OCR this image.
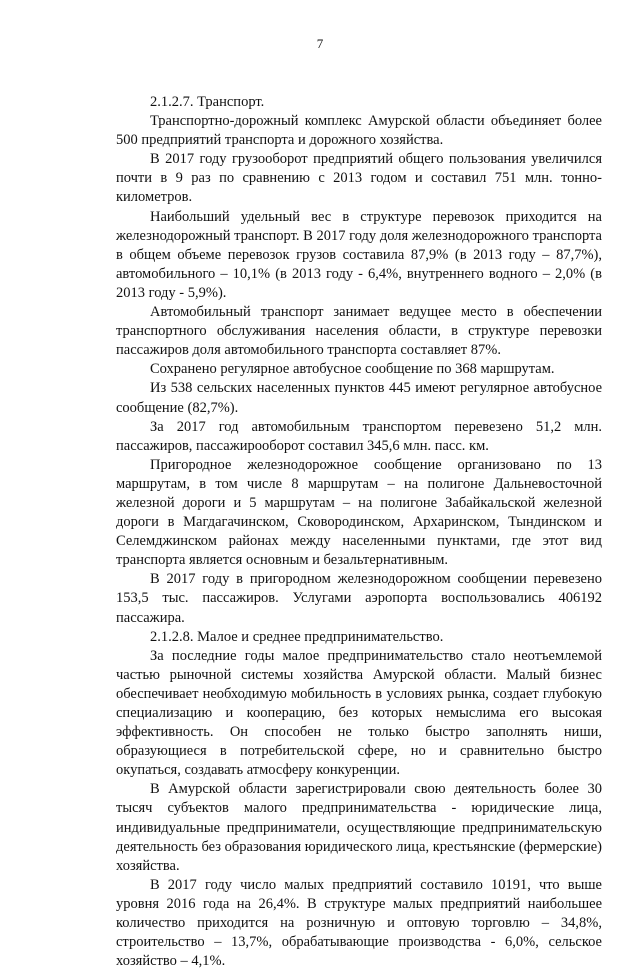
7

2.1.2.7. Транспорт.

Транспортно-дорожный комплекс Амурской области объединяет более 500 предприятий транспорта и дорожного хозяйства.

В 2017 году грузооборот предприятий общего пользования увеличился почти в 9 раз по сравнению с 2013 годом и составил 751 млн. тонно-километров.

Наибольший удельный вес в структуре перевозок приходится на железнодорожный транспорт. В 2017 году доля железнодорожного транспорта в общем объеме перевозок грузов составила 87,9% (в 2013 году – 87,7%), автомобильного – 10,1% (в 2013 году - 6,4%, внутреннего водного – 2,0% (в 2013 году - 5,9%).

Автомобильный транспорт занимает ведущее место в обеспечении транспортного обслуживания населения области, в структуре перевозки пассажиров доля автомобильного транспорта составляет 87%.

Сохранено регулярное автобусное сообщение по 368 маршрутам.

Из 538 сельских населенных пунктов 445 имеют регулярное автобусное сообщение (82,7%).

За 2017 год автомобильным транспортом перевезено 51,2 млн. пассажиров, пассажирооборот составил 345,6 млн. пасс. км.

Пригородное железнодорожное сообщение организовано по 13 маршрутам, в том числе 8 маршрутам – на полигоне Дальневосточной железной дороги и 5 маршрутам – на полигоне Забайкальской железной дороги в Магдагачинском, Сковородинском, Архаринском, Тындинском и Селемджинском районах между населенными пунктами, где этот вид транспорта является основным и безальтернативным.

В 2017 году в пригородном железнодорожном сообщении перевезено 153,5 тыс. пассажиров. Услугами аэропорта воспользовались 406192 пассажира.

2.1.2.8. Малое и среднее предпринимательство.

За последние годы малое предпринимательство стало неотъемлемой частью рыночной системы хозяйства Амурской области. Малый бизнес обеспечивает необходимую мобильность в условиях рынка, создает глубокую специализацию и кооперацию, без которых немыслима его высокая эффективность. Он способен не только быстро заполнять ниши, образующиеся в потребительской сфере, но и сравнительно быстро окупаться, создавать атмосферу конкуренции.

В Амурской области зарегистрировали свою деятельность более 30 тысяч субъектов малого предпринимательства - юридические лица, индивидуальные предприниматели, осуществляющие предпринимательскую деятельность без образования юридического лица, крестьянские (фермерские) хозяйства.

В 2017 году число малых предприятий составило 10191, что выше уровня 2016 года на 26,4%. В структуре малых предприятий наибольшее количество приходится на розничную и оптовую торговлю – 34,8%, строительство – 13,7%, обрабатывающие производства - 6,0%, сельское хозяйство – 4,1%.
